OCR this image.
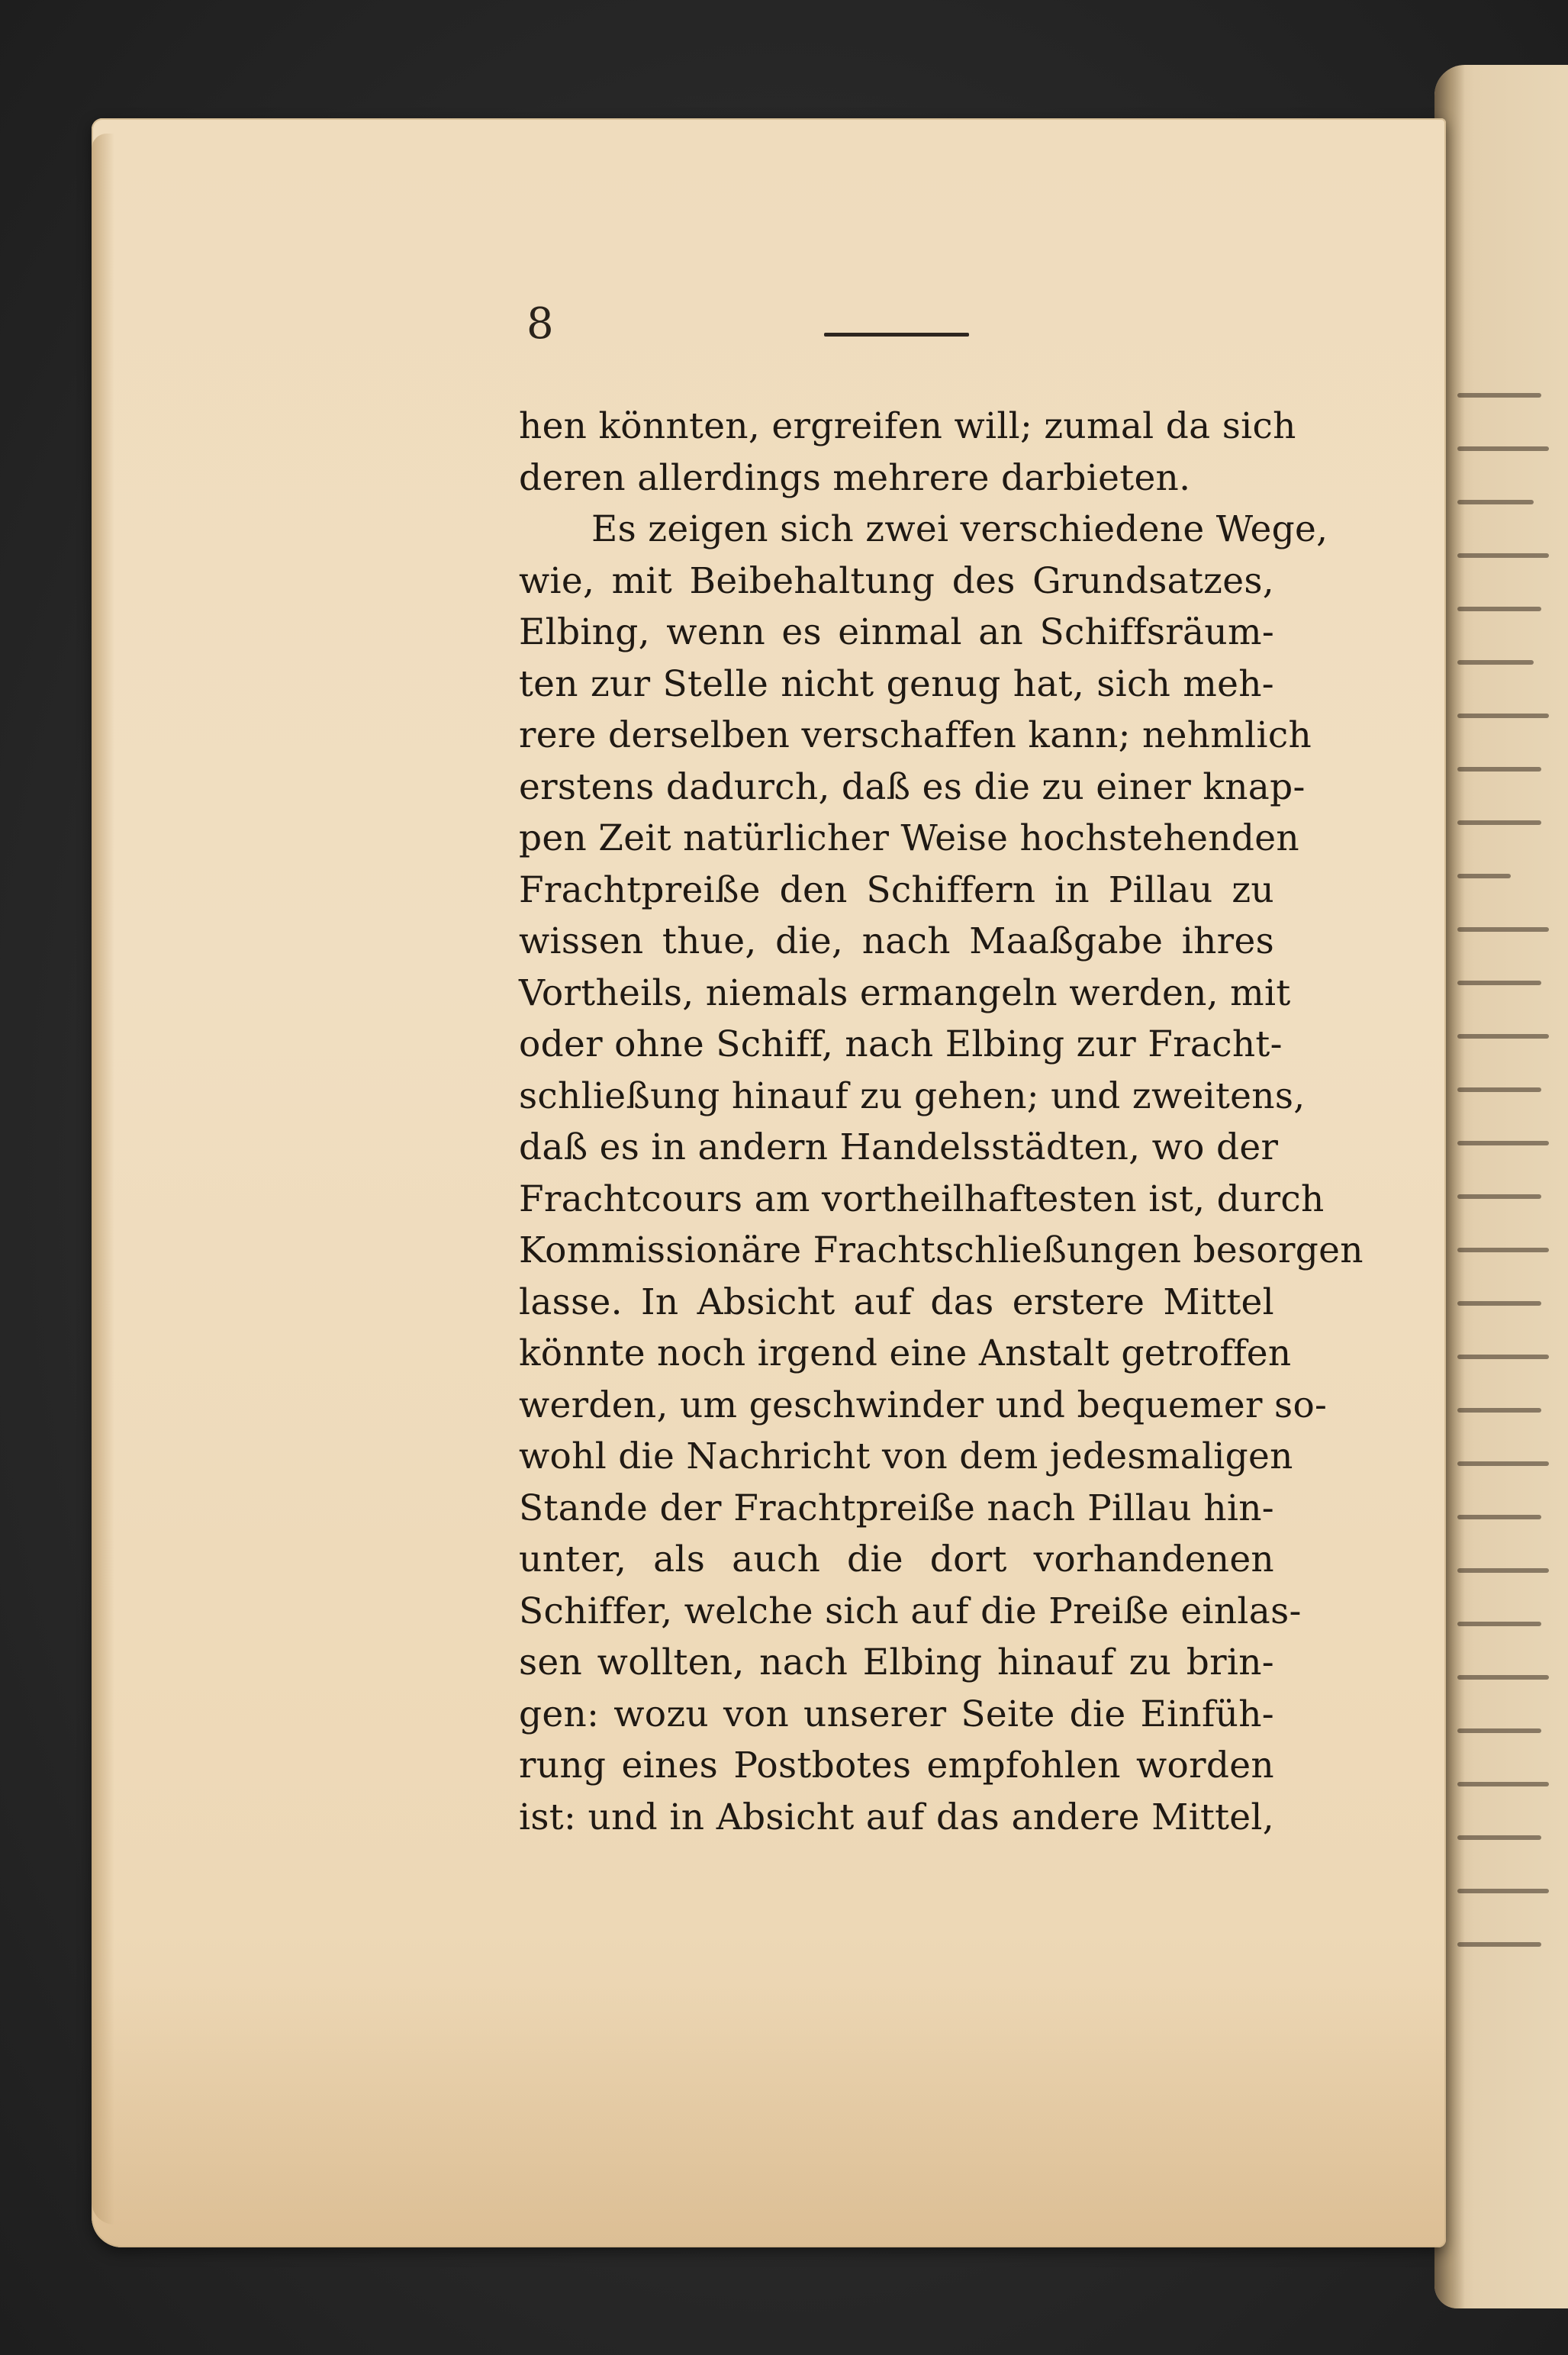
8
hen könnten, ergreifen will; zumal da sich
deren allerdings mehrere darbieten.
Es zeigen sich zwei verschiedene Wege,
wie, mit Beibehaltung des Grundsatzes,
Elbing, wenn es einmal an Schiffsräum-
ten zur Stelle nicht genug hat, sich meh-
rere derselben verschaffen kann; nehmlich
erstens dadurch, daß es die zu einer knap-
pen Zeit natürlicher Weise hochstehenden
Frachtpreiße den Schiffern in Pillau zu
wissen thue, die, nach Maaßgabe ihres
Vortheils, niemals ermangeln werden, mit
oder ohne Schiff, nach Elbing zur Fracht-
schließung hinauf zu gehen; und zweitens,
daß es in andern Handelsstädten, wo der
Frachtcours am vortheilhaftesten ist, durch
Kommissionäre Frachtschließungen besorgen
lasse. In Absicht auf das erstere Mittel
könnte noch irgend eine Anstalt getroffen
werden, um geschwinder und bequemer so-
wohl die Nachricht von dem jedesmaligen
Stande der Frachtpreiße nach Pillau hin-
unter, als auch die dort vorhandenen
Schiffer, welche sich auf die Preiße einlas-
sen wollten, nach Elbing hinauf zu brin-
gen: wozu von unserer Seite die Einfüh-
rung eines Postbotes empfohlen worden
ist: und in Absicht auf das andere Mittel,
